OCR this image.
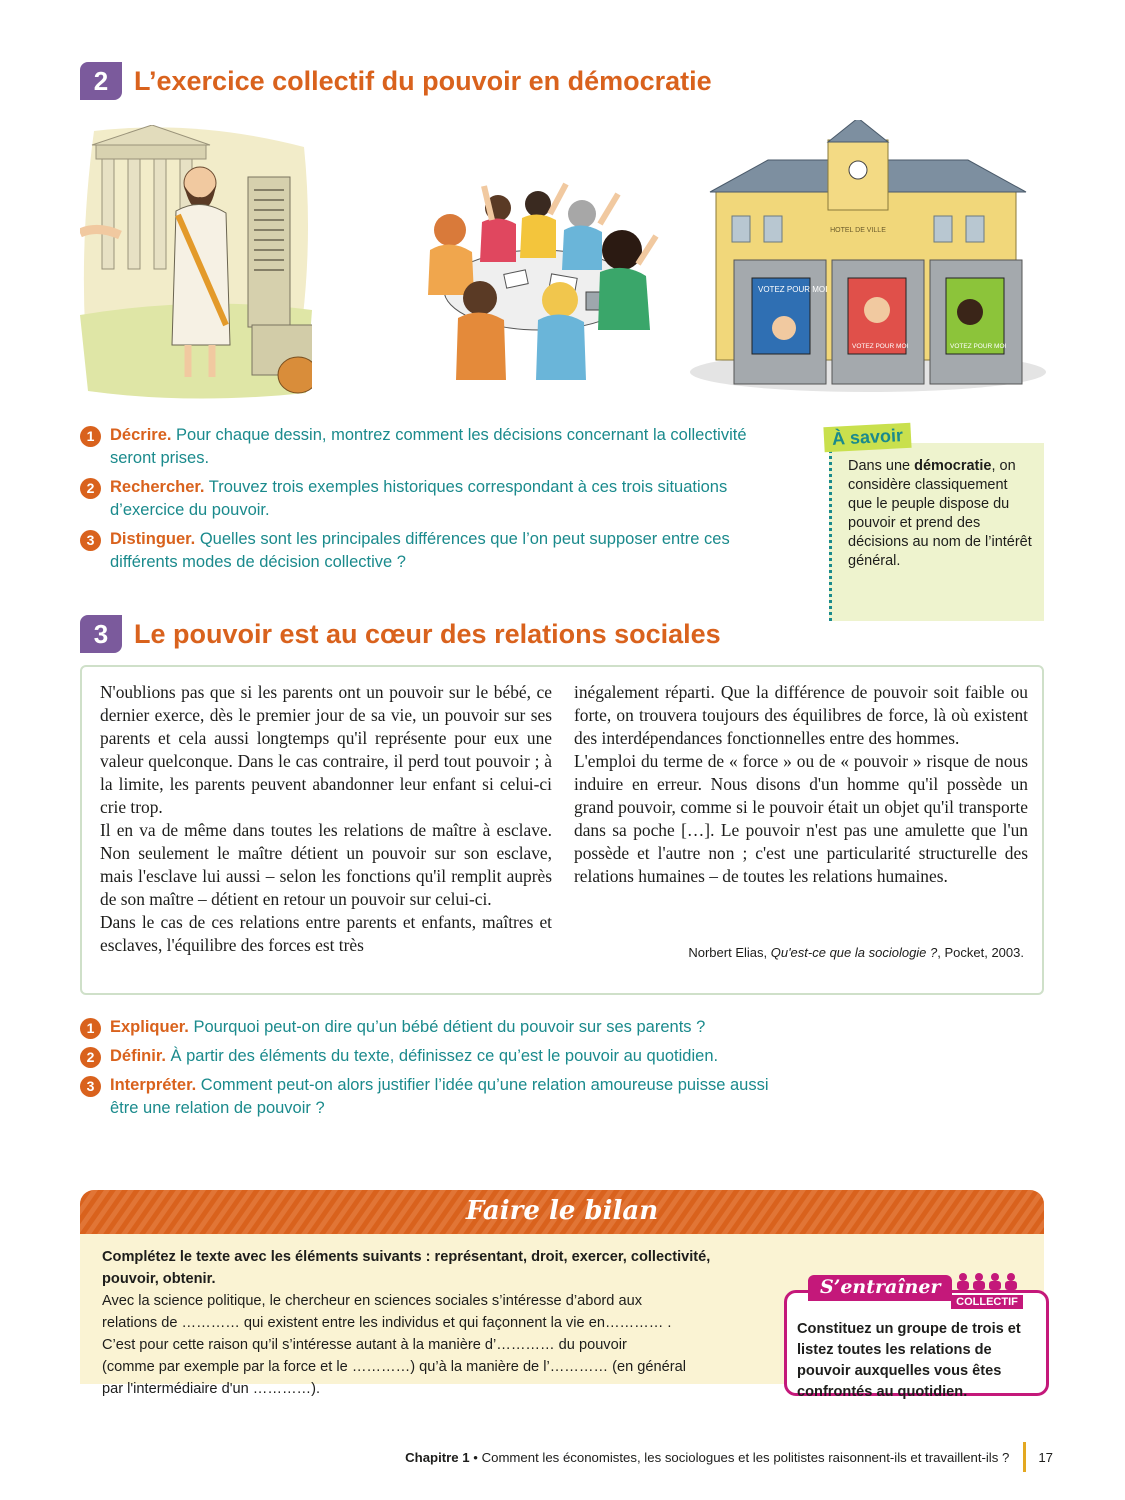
2 L’exercice collectif du pouvoir en démocratie
HOTEL DE VILLE
VOTEZ POUR MOI
VOTEZ POUR MOI	VOTEZ POUR MOI
1 Décrire. Pour chaque dessin, montrez comment les décisions concernant la collectivité seront prises.
2 Rechercher. Trouvez trois exemples historiques correspondant à ces trois situations d’exercice du pouvoir.
3 Distinguer. Quelles sont les principales différences que l’on peut supposer entre ces différents modes de décision collective ?
À savoir
Dans une démocratie, on considère classiquement que le peuple dispose du pouvoir et prend des décisions au nom de l’intérêt général.
3 Le pouvoir est au cœur des relations sociales

N'oublions pas que si les parents ont un pouvoir sur le bébé, ce dernier exerce, dès le premier jour de sa vie, un pouvoir sur ses parents et cela aussi longtemps qu'il représente pour eux une valeur quelconque. Dans le cas contraire, il perd tout pouvoir ; à la limite, les parents peuvent abandonner leur enfant si celui-ci crie trop.

Il en va de même dans toutes les relations de maître à esclave. Non seulement le maître détient un pouvoir sur son esclave, mais l'esclave lui aussi – selon les fonctions qu'il remplit auprès de son maître – détient en retour un pouvoir sur celui-ci.

Dans le cas de ces relations entre parents et enfants, maîtres et esclaves, l'équilibre des forces est très

inégalement réparti. Que la différence de pouvoir soit faible ou forte, on trouvera toujours des équilibres de force, là où existent des interdépendances fonctionnelles entre des hommes.

L'emploi du terme de « force » ou de « pouvoir » risque de nous induire en erreur. Nous disons d'un homme qu'il possède un grand pouvoir, comme si le pouvoir était un objet qu'il transporte dans sa poche […]. Le pouvoir n'est pas une amulette que l'un possède et l'autre non ; c'est une particularité structurelle des relations humaines – de toutes les relations humaines.

Norbert Elias, Qu'est-ce que la sociologie ?, Pocket, 2003.
1 Expliquer. Pourquoi peut-on dire qu’un bébé détient du pouvoir sur ses parents ?
2 Définir. À partir des éléments du texte, définissez ce qu’est le pouvoir au quotidien.
3 Interpréter. Comment peut-on alors justifier l’idée qu’une relation amoureuse puisse aussi être une relation de pouvoir ?
Faire le bilan
Complétez le texte avec les éléments suivants : représentant, droit, exercer, collectivité, pouvoir, obtenir.
Avec la science politique, le chercheur en sciences sociales s’intéresse d’abord aux
relations de ………… qui existent entre les individus et qui façonnent la vie en………… .
C’est pour cette raison qu’il s’intéresse autant à la manière d’………… du pouvoir
(comme par exemple par la force et le …………) qu’à la manière de l’………… (en général
par l'intermédiaire d'un …………).
Constituez un groupe de trois et listez toutes les relations de pouvoir auxquelles vous êtes confrontés au quotidien.
S’entraîner
COLLECTIF
Chapitre 1 • Comment les économistes, les sociologues et les politistes raisonnent-ils et travaillent-ils ? 17
